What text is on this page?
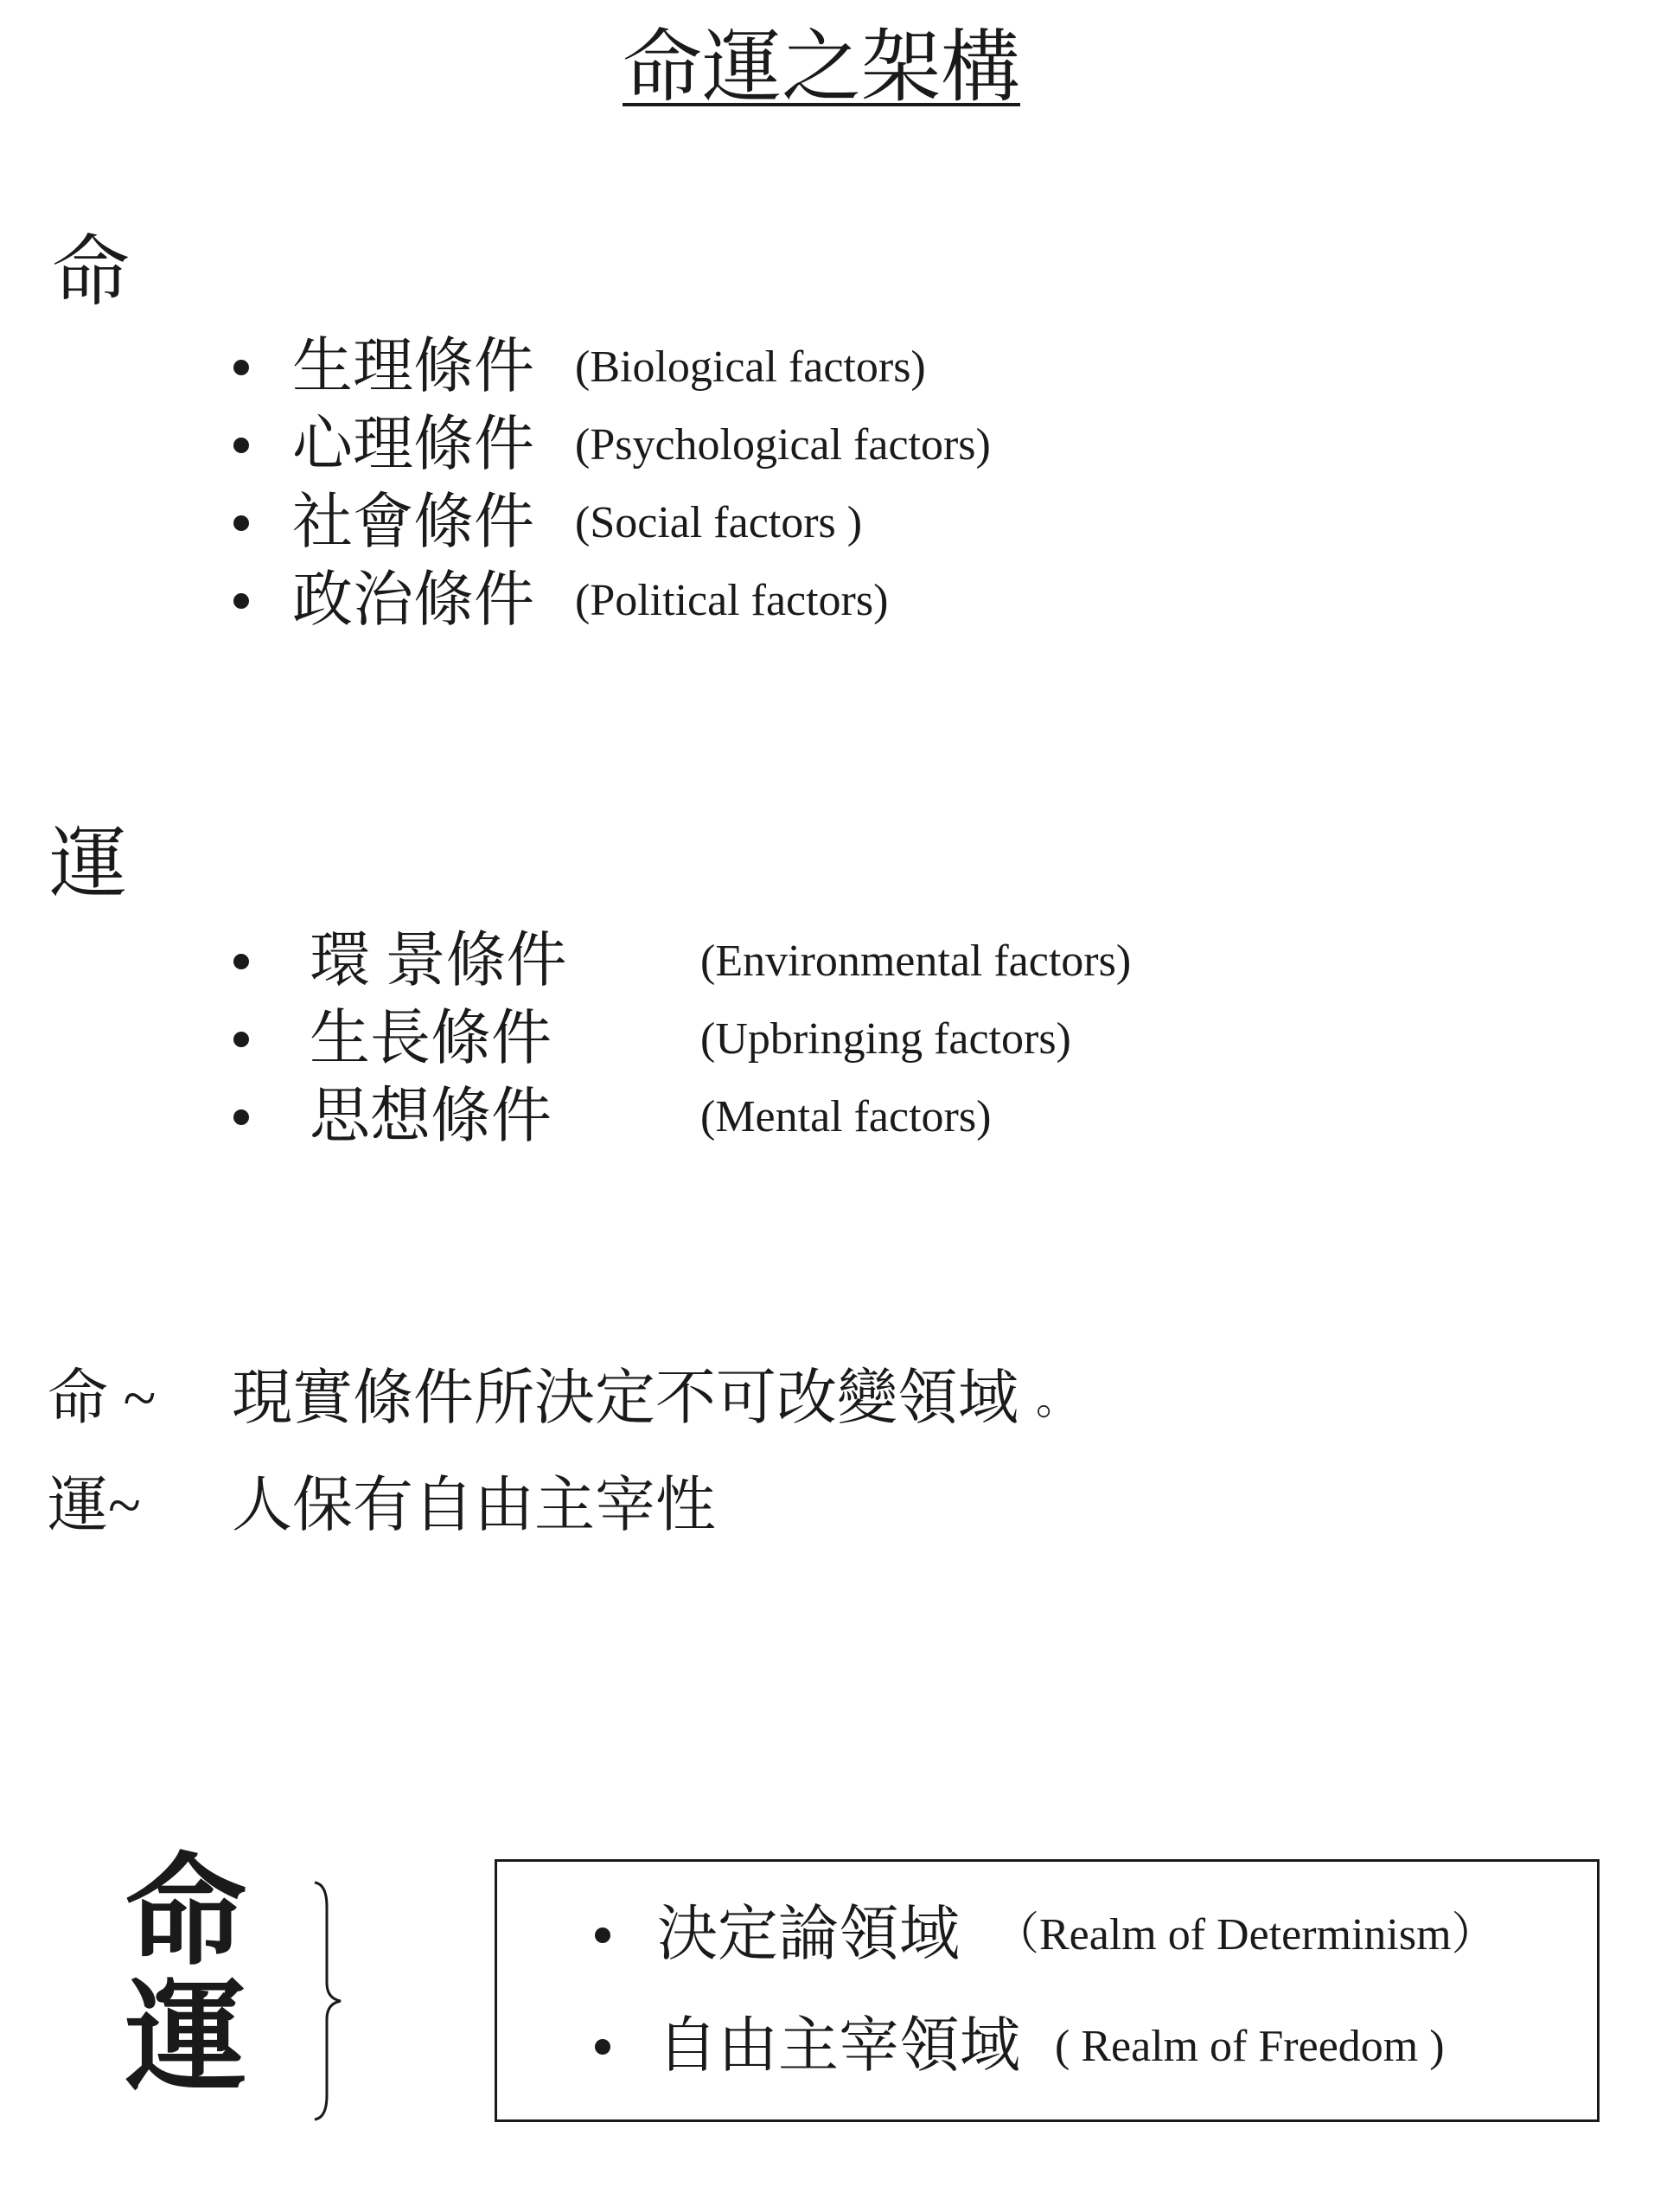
命運之架構
命
生理條件 (Biological factors)
心理條件 (Psychological factors)
社會條件 (Social factors )
政治條件 (Political factors)
運
環 景條件	(Environmental factors)
生長條件	(Upbringing factors)
思想條件	(Mental factors)
命 ~	現實條件所決定不可改變領域 。
運~	人保有自由主宰性
命
運
決定論領域 （Realm of Determinism）
自由主宰領域 ( Realm of Freedom )
